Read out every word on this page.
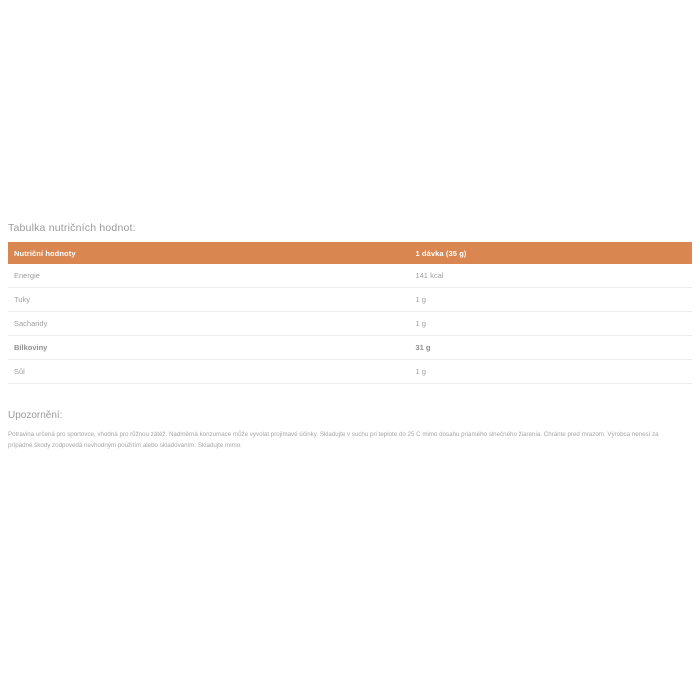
Tabulka nutričních hodnot:
Nutriční hodnoty	1 dávka (35 g)
Energie	141 kcal
Tuky	1 g
Sacharidy	1 g
Bílkoviny	31 g
Sůl	1 g
Upozornění:
Potravina určená pro sportovce, vhodná pro růžnou zátěž. Nadměrná konzumace může vyvolat projimavé účinky. Skladujte v suchu pri teplote do 25 C mimo dosahu priamého slnečného žiarenia. Chránte pred mrazom. Výrobca nenesí za prípadné škody zodpovedá nevhodným použitím alebo skladovaním. Skladujte mimo.
